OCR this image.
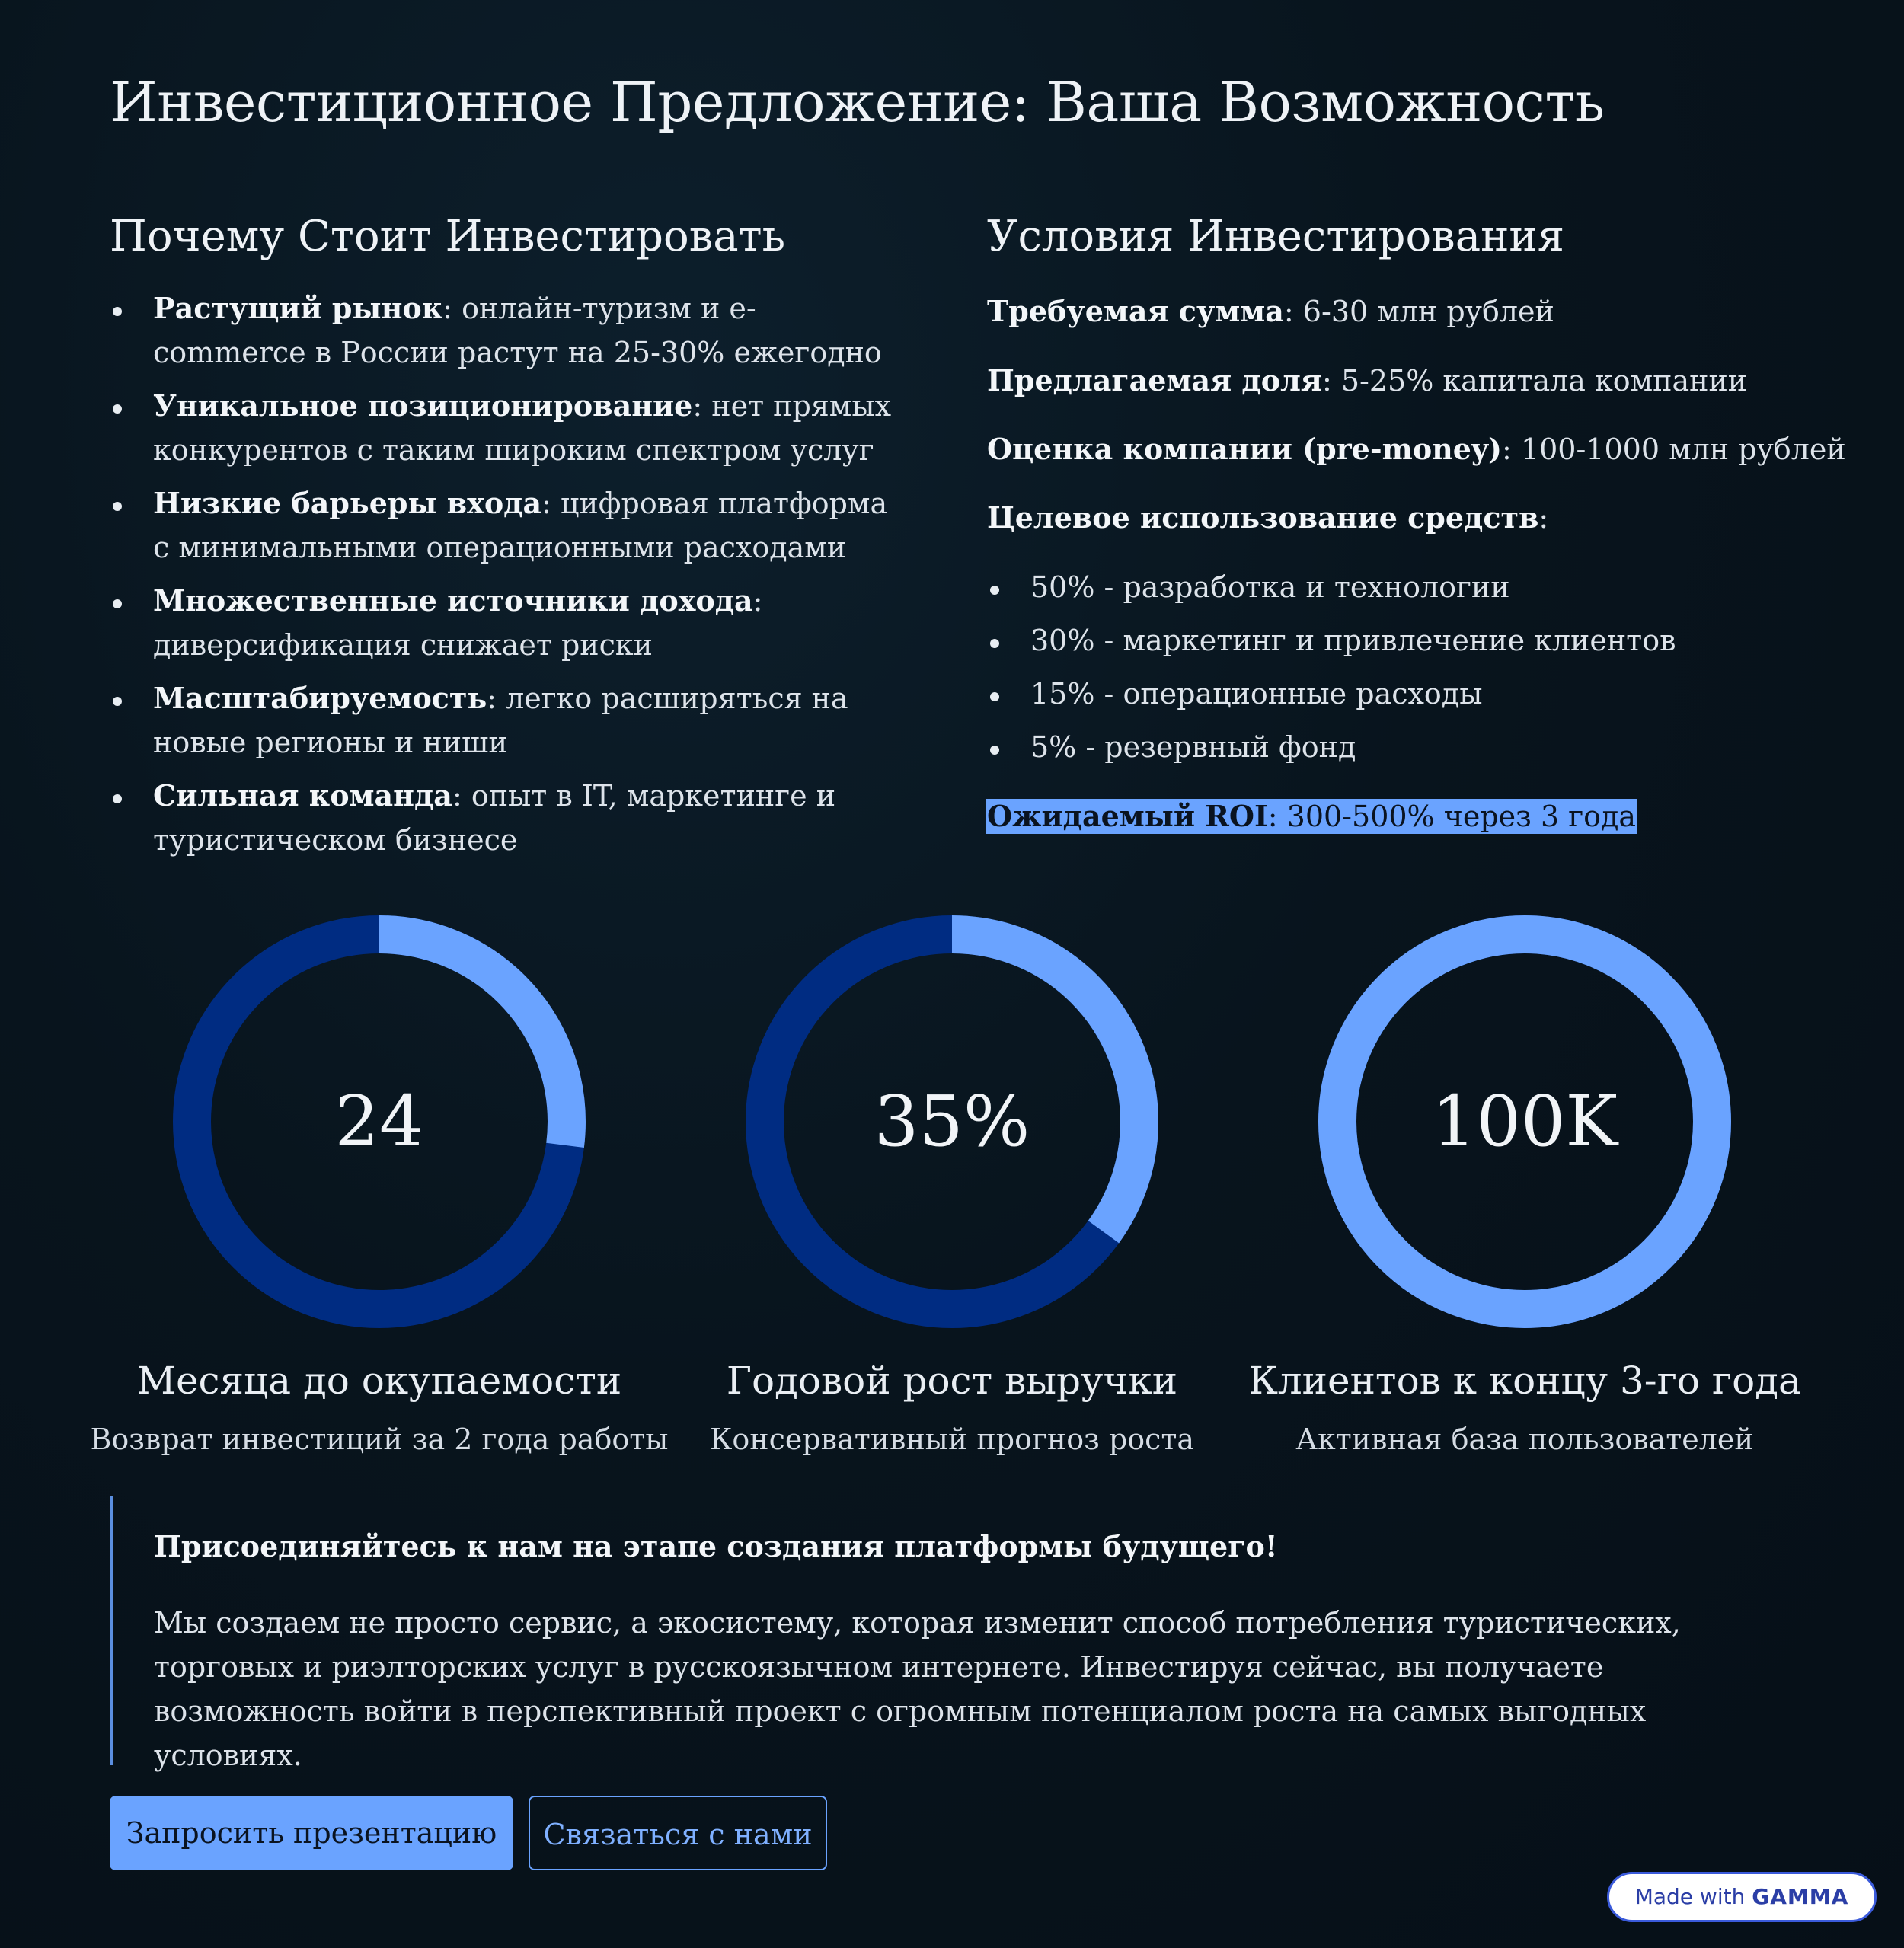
Инвестиционное Предложение: Ваша Возможность
Почему Стоит Инвестировать
Растущий рынок: онлайн-туризм и e-commerce в России растут на 25-30% ежегодно
Уникальное позиционирование: нет прямых конкурентов с таким широким спектром услуг
Низкие барьеры входа: цифровая платформа с минимальными операционными расходами
Множественные источники дохода: диверсификация снижает риски
Масштабируемость: легко расширяться на новые регионы и ниши
Сильная команда: опыт в IT, маркетинге и туристическом бизнесе
Условия Инвестирования
Требуемая сумма: 6-30 млн рублей
Предлагаемая доля: 5-25% капитала компании
Оценка компании (pre-money): 100-1000 млн рублей
Целевое использование средств:
50% - разработка и технологии
30% - маркетинг и привлечение клиентов
15% - операционные расходы
5% - резервный фонд
Ожидаемый ROI: 300-500% через 3 года
24	35%	100K
Месяца до окупаемости	Годовой рост выручки	Клиентов к концу 3-го года
Возврат инвестиций за 2 года работы	Консервативный прогноз роста	Активная база пользователей
Присоединяйтесь к нам на этапе создания платформы будущего!
Мы создаем не просто сервис, а экосистему, которая изменит способ потребления туристических, торговых и риэлторских услуг в русскоязычном интернете. Инвестируя сейчас, вы получаете возможность войти в перспективный проект с огромным потенциалом роста на самых выгодных условиях.
Запросить презентацию	Связаться с нами
Made with GAMMA
